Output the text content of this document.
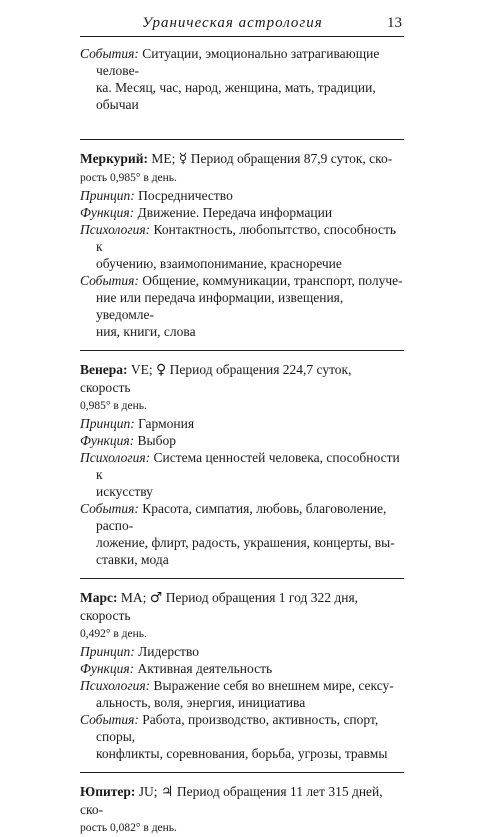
Ураническая астрология	13

События: Ситуации, эмоционально затрагивающие челове-
ка. Месяц, час, народ, женщина, мать, традиции, обычаи

Меркурий: ME; ☿ Период обращения 87,9 суток, ско-
рость 0,985° в день.

Принцип: Посредничество

Функция: Движение. Передача информации

Психология: Контактность, любопытство, способность к
обучению, взаимопонимание, красноречие

События: Общение, коммуникации, транспорт, получе-
ние или передача информации, извещения, уведомле-
ния, книги, слова

Венера: VE; ♀ Период обращения 224,7 суток, скорость
0,985° в день.

Принцип: Гармония

Функция: Выбор

Психология: Система ценностей человека, способности к
искусству

События: Красота, симпатия, любовь, благоволение, распо-
ложение, флирт, радость, украшения, концерты, вы-
ставки, мода

Марс: MA; ♂ Период обращения 1 год 322 дня, скорость
0,492° в день.

Принцип: Лидерство

Функция: Активная деятельность

Психология: Выражение себя во внешнем мире, сексу-
альность, воля, энергия, инициатива

События: Работа, производство, активность, спорт, споры,
конфликты, соревнования, борьба, угрозы, травмы

Юпитер: JU; ♃ Период обращения 11 лет 315 дней, ско-
рость 0,082° в день.
